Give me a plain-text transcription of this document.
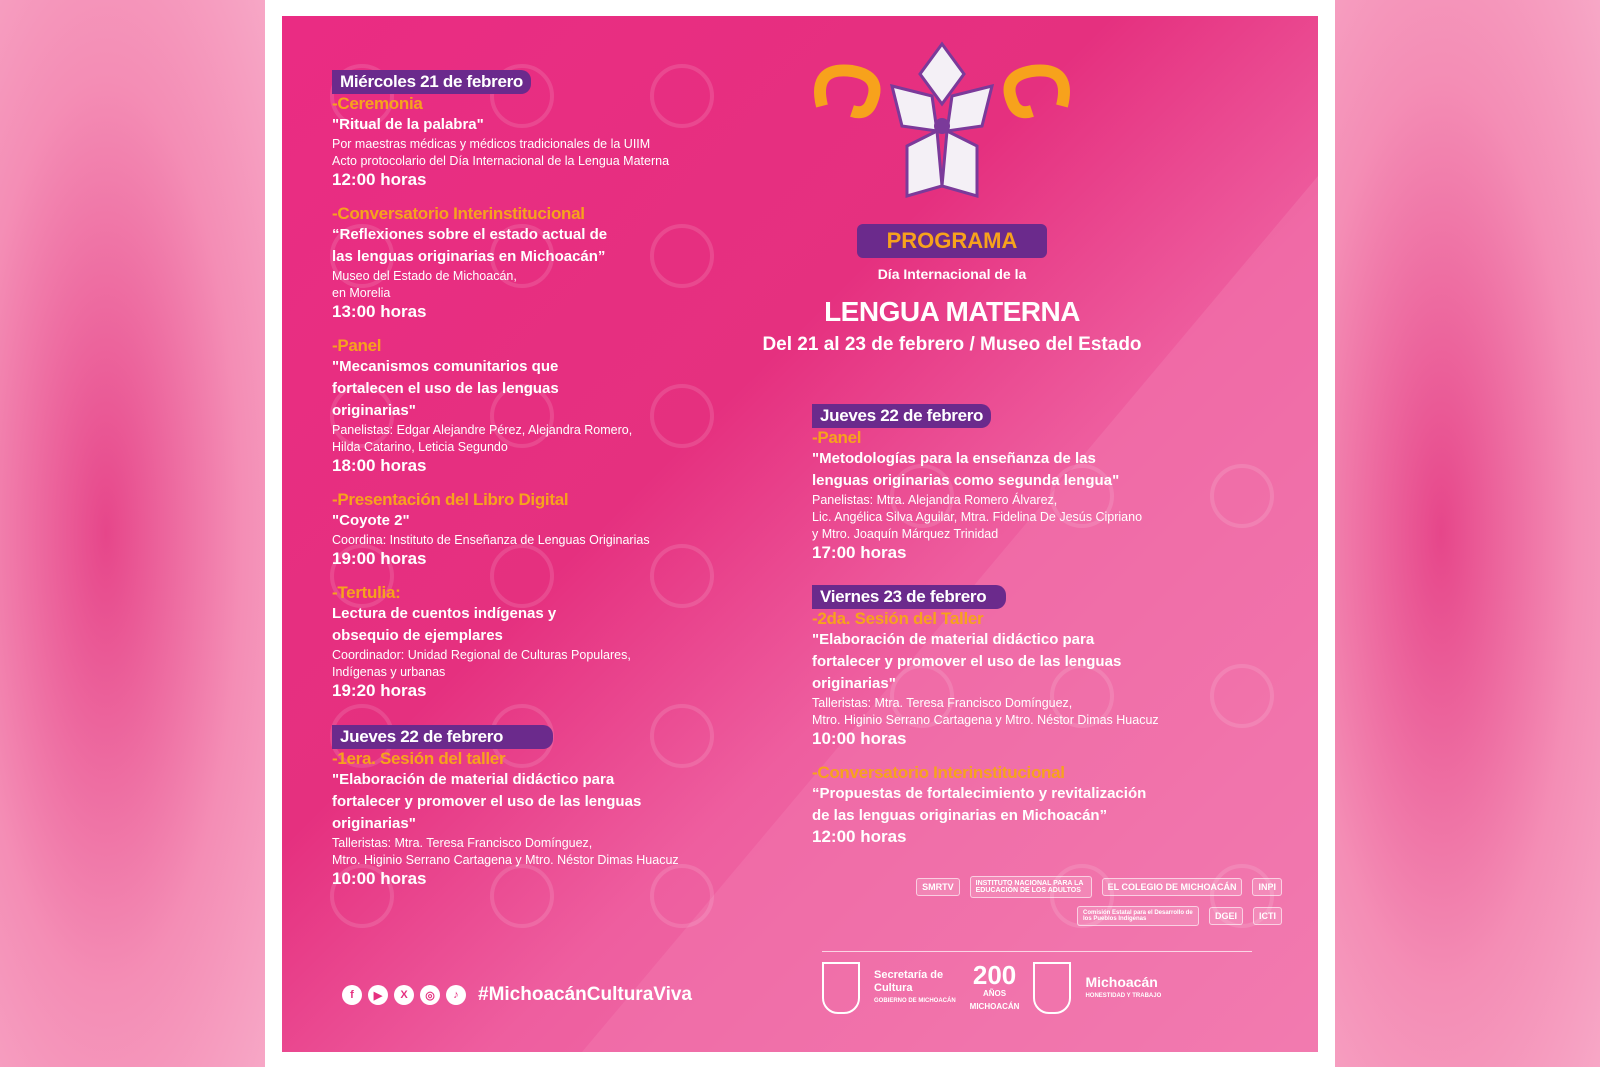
PROGRAMA
Día Internacional de la
LENGUA MATERNA
Del 21 al 23 de febrero / Museo del Estado
Miércoles 21 de febrero
-Ceremonia
"Ritual de la palabra"
Por maestras médicas y médicos tradicionales de la UIIM
Acto protocolario del Día Internacional de la Lengua Materna
12:00 horas
-Conversatorio Interinstitucional
“Reflexiones sobre el estado actual de
las lenguas originarias en Michoacán”
Museo del Estado de Michoacán,
en Morelia
13:00 horas
-Panel
"Mecanismos comunitarios que
fortalecen el uso de las lenguas
originarias"
Panelistas: Edgar Alejandre Pérez, Alejandra Romero,
Hilda Catarino, Leticia Segundo
18:00 horas
-Presentación del Libro Digital
"Coyote 2"
Coordina: Instituto de Enseñanza de Lenguas Originarias
19:00 horas
-Tertulia:
Lectura de cuentos indígenas y
obsequio de ejemplares
Coordinador: Unidad Regional de Culturas Populares,
Indígenas y urbanas
19:20 horas
Jueves 22 de febrero
-1era. Sesión del taller
"Elaboración de material didáctico para
fortalecer y promover el uso de las lenguas
originarias"
Talleristas: Mtra. Teresa Francisco Domínguez,
Mtro. Higinio Serrano Cartagena y Mtro. Néstor Dimas Huacuz
10:00 horas
Jueves 22 de febrero
-Panel
"Metodologías para la enseñanza de las
lenguas originarias como segunda lengua"
Panelistas: Mtra. Alejandra Romero Álvarez,
Lic. Angélica Silva Aguilar, Mtra. Fidelina De Jesús Cipriano
y Mtro. Joaquín Márquez Trinidad
17:00 horas
Viernes 23 de febrero
-2da. Sesión del Taller
"Elaboración de material didáctico para
fortalecer y promover el uso de las lenguas
originarias"
Talleristas: Mtra. Teresa Francisco Domínguez,
Mtro. Higinio Serrano Cartagena y Mtro. Néstor Dimas Huacuz
10:00 horas
-Conversatorio Interinstitucional
“Propuestas de fortalecimiento y revitalización
de las lenguas originarias en Michoacán”
12:00 horas
SMRTV	INSTITUTO NACIONAL PARA LA EDUCACIÓN DE LOS ADULTOS	EL COLEGIO DE MICHOACÁN	INPI
Comisión Estatal para el Desarrollo de los Pueblos Indígenas	DGEI	ICTI
f	▶	X	◎	♪	#MichoacánCulturaViva
Secretaría de Cultura
GOBIERNO DE MICHOACÁN
200
AÑOS
MICHOACÁN
Michoacán
HONESTIDAD Y TRABAJO
